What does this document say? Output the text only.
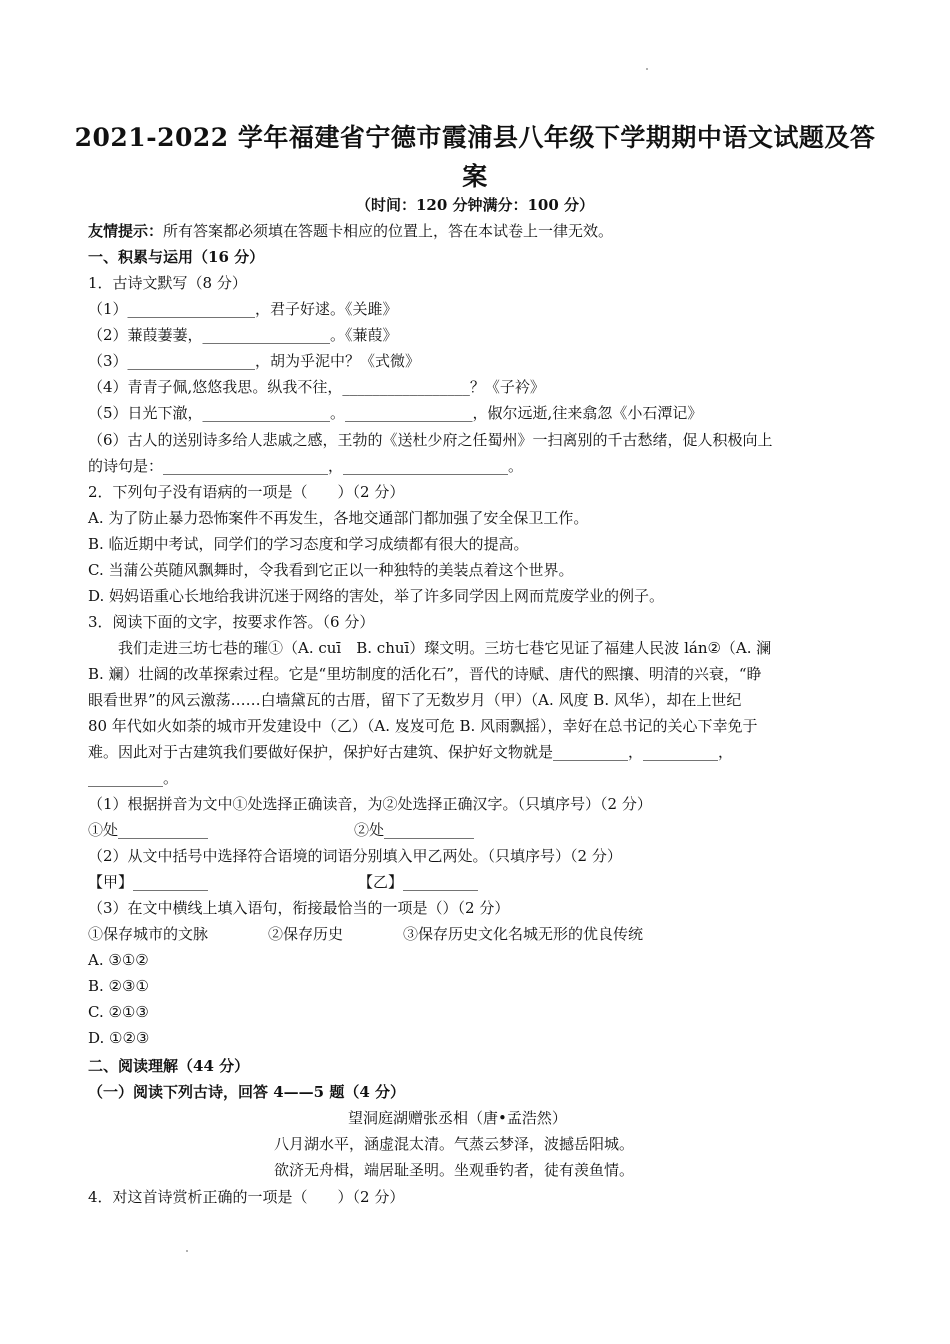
2021-2022 学年福建省宁德市霞浦县八年级下学期期中语文试题及答
案
（时间：120 分钟满分：100 分）
友情提示：所有答案都必须填在答题卡相应的位置上，答在本试卷上一律无效。
一、积累与运用（16 分）
1．古诗文默写（8 分）
（1）_________________，君子好逑。《关雎》
（2）蒹葭萋萋，_________________。《蒹葭》
（3）_________________，胡为乎泥中？《式微》
（4）青青子佩,悠悠我思。纵我不往，_________________？《子衿》
（5）日光下澈，_________________。_________________，俶尔远逝,往来翕忽《小石潭记》
（6）古人的送别诗多给人悲戚之感，王勃的《送杜少府之任蜀州》一扫离别的千古愁绪，促人积极向上
的诗句是：______________________，______________________。
2．下列句子没有语病的一项是（　　）（2 分）
A. 为了防止暴力恐怖案件不再发生，各地交通部门都加强了安全保卫工作。
B. 临近期中考试，同学们的学习态度和学习成绩都有很大的提高。
C. 当蒲公英随风飘舞时，令我看到它正以一种独特的美装点着这个世界。
D. 妈妈语重心长地给我讲沉迷于网络的害处，举了许多同学因上网而荒废学业的例子。
3．阅读下面的文字，按要求作答。（6 分）
　　我们走进三坊七巷的璀①（A. cuī　B. chuī）璨文明。三坊七巷它见证了福建人民波 lán②（A. 澜
B. 斓）壮阔的改革探索过程。它是“里坊制度的活化石”，晋代的诗赋、唐代的熙攘、明清的兴衰，“睁
眼看世界”的风云激荡……白墙黛瓦的古厝，留下了无数岁月（甲）（A. 风度 B. 风华），却在上世纪
80 年代如火如荼的城市开发建设中（乙）（A. 岌岌可危 B. 风雨飘摇），幸好在总书记的关心下幸免于
难。因此对于古建筑我们要做好保护，保护好古建筑、保护好文物就是__________，__________，
__________。
（1）根据拼音为文中①处选择正确读音，为②处选择正确汉字。（只填序号）（2 分）
①处____________	②处____________
（2）从文中括号中选择符合语境的词语分别填入甲乙两处。（只填序号）（2 分）
【甲】__________	【乙】__________
（3）在文中横线上填入语句，衔接最恰当的一项是（）（2 分）
①保存城市的文脉　　　　②保存历史　　　　③保存历史文化名城无形的优良传统
A. ③①②
B. ②③①
C. ②①③
D. ①②③
二、阅读理解（44 分）
（一）阅读下列古诗，回答 4——5 题（4 分）
望洞庭湖赠张丞相（唐•孟浩然）
八月湖水平，涵虚混太清。气蒸云梦泽，波撼岳阳城。
欲济无舟楫，端居耻圣明。坐观垂钓者，徒有羡鱼情。
4．对这首诗赏析正确的一项是（　　）（2 分）
